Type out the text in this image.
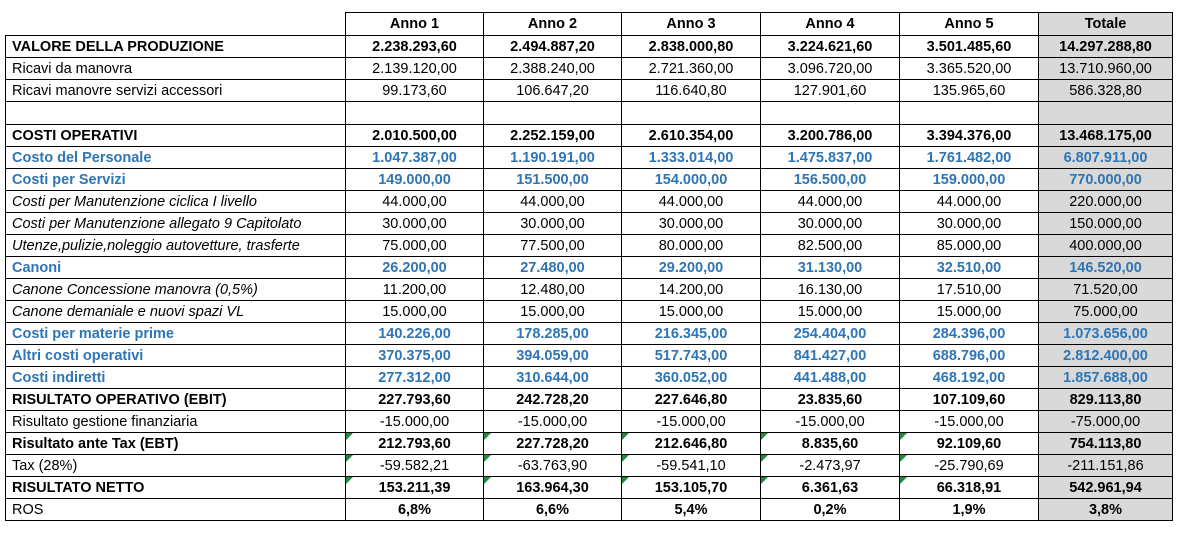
	Anno 1	Anno 2	Anno 3	Anno 4	Anno 5	Totale
VALORE DELLA PRODUZIONE	2.238.293,60	2.494.887,20	2.838.000,80	3.224.621,60	3.501.485,60	14.297.288,80
Ricavi da manovra	2.139.120,00	2.388.240,00	2.721.360,00	3.096.720,00	3.365.520,00	13.710.960,00
Ricavi manovre servizi accessori	99.173,60	106.647,20	116.640,80	127.901,60	135.965,60	586.328,80

COSTI OPERATIVI	2.010.500,00	2.252.159,00	2.610.354,00	3.200.786,00	3.394.376,00	13.468.175,00
Costo del Personale	1.047.387,00	1.190.191,00	1.333.014,00	1.475.837,00	1.761.482,00	6.807.911,00
Costi per Servizi	149.000,00	151.500,00	154.000,00	156.500,00	159.000,00	770.000,00
Costi per Manutenzione ciclica I livello	44.000,00	44.000,00	44.000,00	44.000,00	44.000,00	220.000,00
Costi per Manutenzione allegato 9 Capitolato	30.000,00	30.000,00	30.000,00	30.000,00	30.000,00	150.000,00
Utenze,pulizie,noleggio autovetture, trasferte	75.000,00	77.500,00	80.000,00	82.500,00	85.000,00	400.000,00
Canoni	26.200,00	27.480,00	29.200,00	31.130,00	32.510,00	146.520,00
Canone Concessione manovra (0,5%)	11.200,00	12.480,00	14.200,00	16.130,00	17.510,00	71.520,00
Canone demaniale e nuovi spazi VL	15.000,00	15.000,00	15.000,00	15.000,00	15.000,00	75.000,00
Costi per materie prime	140.226,00	178.285,00	216.345,00	254.404,00	284.396,00	1.073.656,00
Altri costi operativi	370.375,00	394.059,00	517.743,00	841.427,00	688.796,00	2.812.400,00
Costi indiretti	277.312,00	310.644,00	360.052,00	441.488,00	468.192,00	1.857.688,00
RISULTATO OPERATIVO (EBIT)	227.793,60	242.728,20	227.646,80	23.835,60	107.109,60	829.113,80
Risultato gestione finanziaria	-15.000,00	-15.000,00	-15.000,00	-15.000,00	-15.000,00	-75.000,00
Risultato ante Tax (EBT)	212.793,60	227.728,20	212.646,80	8.835,60	92.109,60	754.113,80
Tax (28%)	-59.582,21	-63.763,90	-59.541,10	-2.473,97	-25.790,69	-211.151,86
RISULTATO NETTO	153.211,39	163.964,30	153.105,70	6.361,63	66.318,91	542.961,94
ROS	6,8%	6,6%	5,4%	0,2%	1,9%	3,8%
